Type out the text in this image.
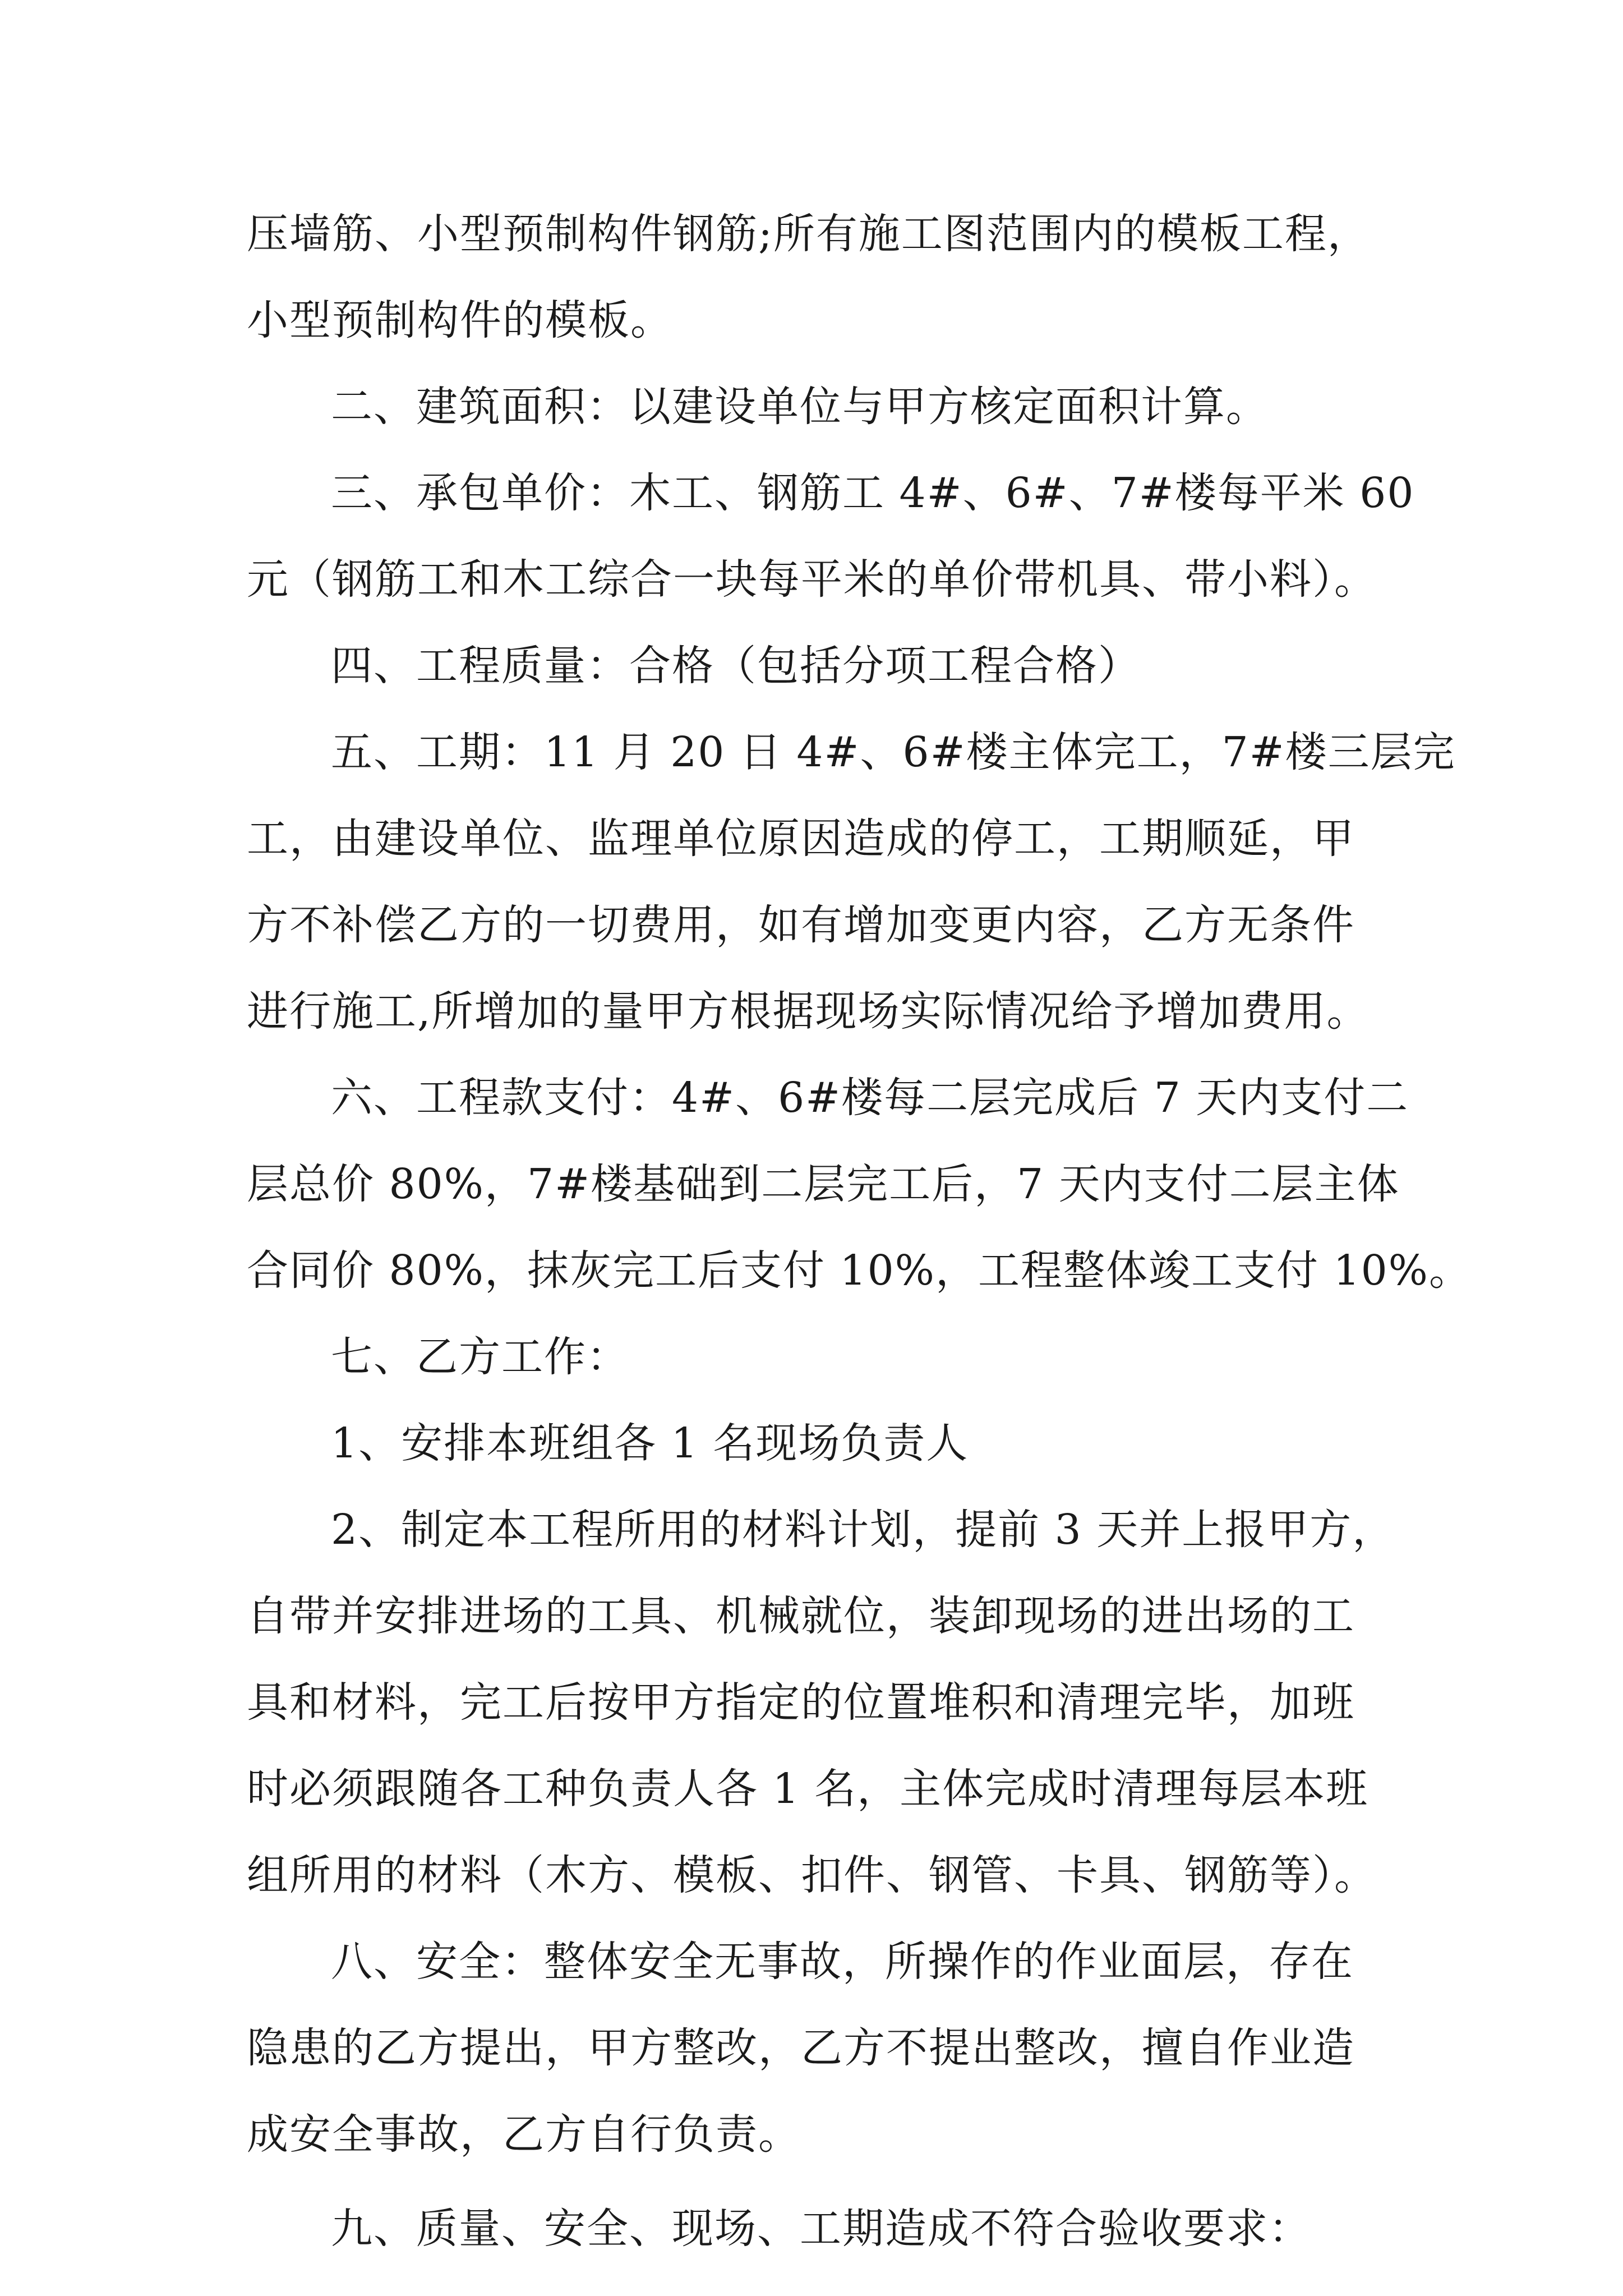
压墙筋、小型预制构件钢筋;所有施工图范围内的模板工程，
小型预制构件的模板。
二、建筑面积：以建设单位与甲方核定面积计算。
三、承包单价：木工、钢筋工 4#、6#、7#楼每平米 60
元（钢筋工和木工综合一块每平米的单价带机具、带小料）。
四、工程质量：合格（包括分项工程合格）
五、工期：11 月 20 日 4#、6#楼主体完工，7#楼三层完
工，由建设单位、监理单位原因造成的停工，工期顺延，甲
方不补偿乙方的一切费用，如有增加变更内容，乙方无条件
进行施工,所增加的量甲方根据现场实际情况给予增加费用。
六、工程款支付：4#、6#楼每二层完成后 7 天内支付二
层总价 80%，7#楼基础到二层完工后，7 天内支付二层主体
合同价 80%，抹灰完工后支付 10%，工程整体竣工支付 10%。
七、乙方工作：
1、安排本班组各 1 名现场负责人
2、制定本工程所用的材料计划，提前 3 天并上报甲方，
自带并安排进场的工具、机械就位，装卸现场的进出场的工
具和材料，完工后按甲方指定的位置堆积和清理完毕，加班
时必须跟随各工种负责人各 1 名，主体完成时清理每层本班
组所用的材料（木方、模板、扣件、钢管、卡具、钢筋等）。
八、安全：整体安全无事故，所操作的作业面层，存在
隐患的乙方提出，甲方整改，乙方不提出整改，擅自作业造
成安全事故，乙方自行负责。
九、质量、安全、现场、工期造成不符合验收要求：
